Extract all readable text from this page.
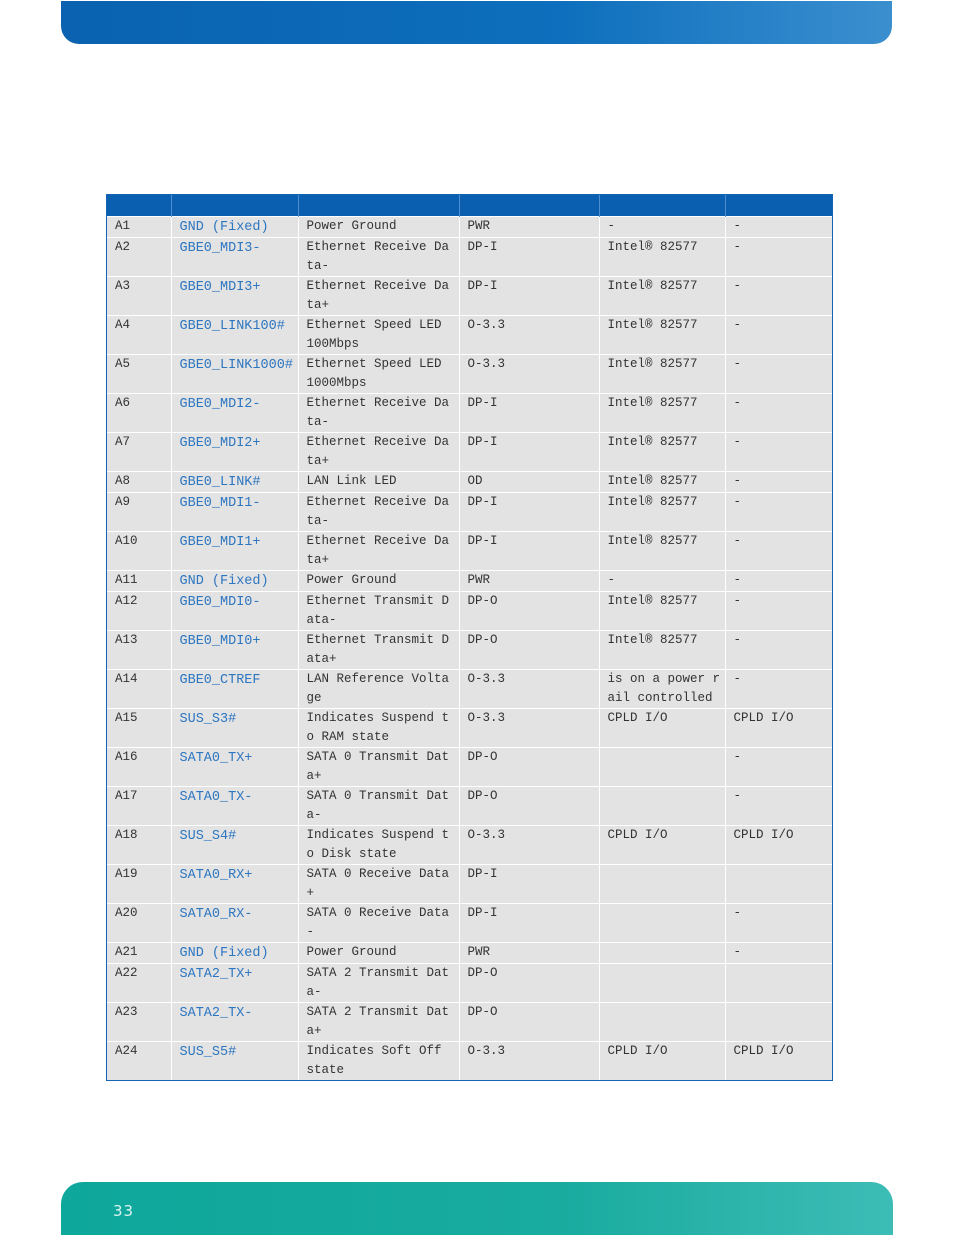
A1	GND (Fixed)	Power Ground	PWR	-	-
A2	GBE0_MDI3-	Ethernet Receive Data-	DP-I	Intel® 82577	-
A3	GBE0_MDI3+	Ethernet Receive Data+	DP-I	Intel® 82577	-
A4	GBE0_LINK100#	Ethernet Speed LED 100Mbps	O-3.3	Intel® 82577	-
A5	GBE0_LINK1000#	Ethernet Speed LED 1000Mbps	O-3.3	Intel® 82577	-
A6	GBE0_MDI2-	Ethernet Receive Data-	DP-I	Intel® 82577	-
A7	GBE0_MDI2+	Ethernet Receive Data+	DP-I	Intel® 82577	-
A8	GBE0_LINK#	LAN Link LED	OD	Intel® 82577	-
A9	GBE0_MDI1-	Ethernet Receive Data-	DP-I	Intel® 82577	-
A10	GBE0_MDI1+	Ethernet Receive Data+	DP-I	Intel® 82577	-
A11	GND (Fixed)	Power Ground	PWR	-	-
A12	GBE0_MDI0-	Ethernet Transmit Data-	DP-O	Intel® 82577	-
A13	GBE0_MDI0+	Ethernet Transmit Data+	DP-O	Intel® 82577	-
A14	GBE0_CTREF	LAN Reference Voltage	O-3.3	is on a power rail controlled	-
A15	SUS_S3#	Indicates Suspend to RAM state	O-3.3	CPLD I/O	CPLD I/O
A16	SATA0_TX+	SATA 0 Transmit Data+	DP-O		-
A17	SATA0_TX-	SATA 0 Transmit Data-	DP-O		-
A18	SUS_S4#	Indicates Suspend to Disk state	O-3.3	CPLD I/O	CPLD I/O
A19	SATA0_RX+	SATA 0 Receive Data+	DP-I		
A20	SATA0_RX-	SATA 0 Receive Data-	DP-I		-
A21	GND (Fixed)	Power Ground	PWR		-
A22	SATA2_TX+	SATA 2 Transmit Data-	DP-O		
A23	SATA2_TX-	SATA 2 Transmit Data+	DP-O		
A24	SUS_S5#	Indicates Soft Off state	O-3.3	CPLD I/O	CPLD I/O
33
